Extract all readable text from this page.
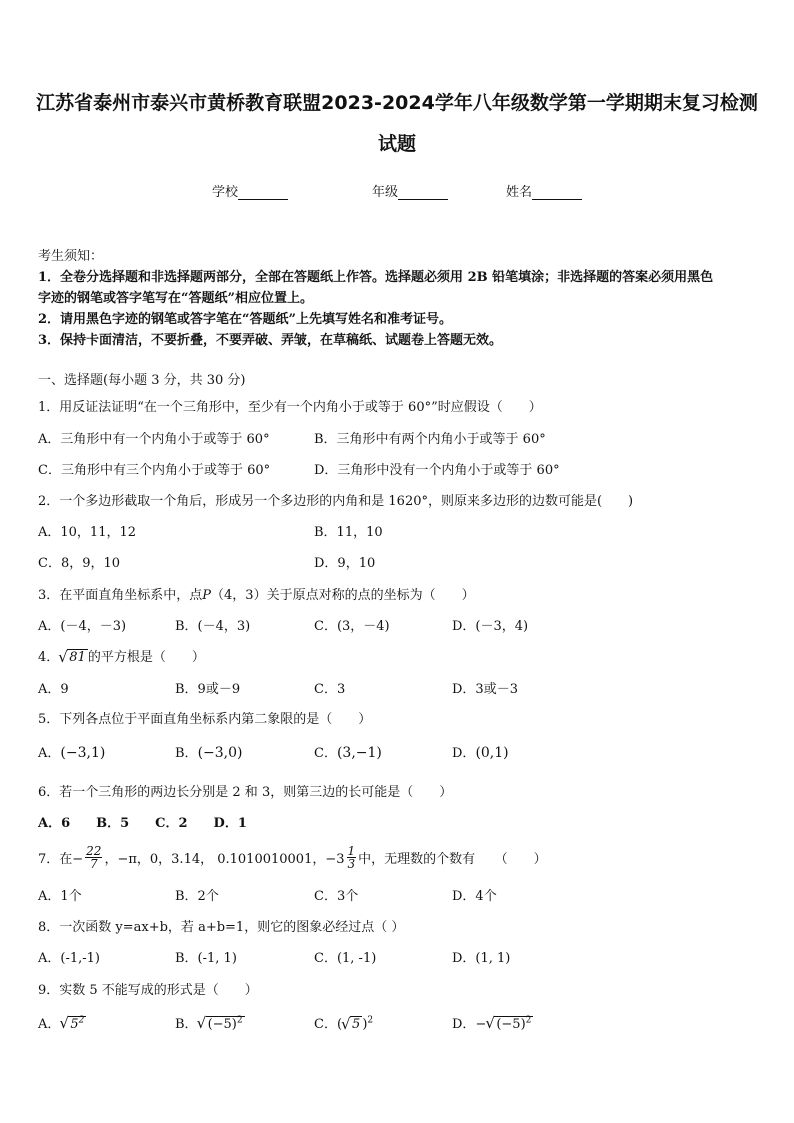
江苏省泰州市泰兴市黄桥教育联盟2023-2024学年八年级数学第一学期期末复习检测
试题
学校	年级	姓名
考生须知：
1．全卷分选择题和非选择题两部分，全部在答题纸上作答。选择题必须用 2B 铅笔填涂；非选择题的答案必须用黑色
字迹的钢笔或答字笔写在“答题纸”相应位置上。
2．请用黑色字迹的钢笔或答字笔在“答题纸”上先填写姓名和准考证号。
3．保持卡面清洁，不要折叠，不要弄破、弄皱，在草稿纸、试题卷上答题无效。
一、选择题(每小题 3 分，共 30 分)
1．用反证法证明“在一个三角形中，至少有一个内角小于或等于 60°”时应假设（　　）
A．三角形中有一个内角小于或等于 60°	B．三角形中有两个内角小于或等于 60°
C．三角形中有三个内角小于或等于 60°	D．三角形中没有一个内角小于或等于 60°
2．一个多边形截取一个角后，形成另一个多边形的内角和是 1620°，则原来多边形的边数可能是(　　)
A．10，11，12	B．11，10
C．8，9，10	D．9，10
3．在平面直角坐标系中，点P（4，3）关于原点对称的点的坐标为（　　）
A．(－4，－3)	B．(－4，3)	C．(3，－4)	D．(－3，4)
4． √ 81 的平方根是（　　）
A．9	B．9或－9	C．3	D．3或－3
5．下列各点位于平面直角坐标系内第二象限的是（　　）
A．(−3,1)	B．(−3,0)	C．(3,−1)	D．(0,1)
6．若一个三角形的两边长分别是 2 和 3，则第三边的长可能是（　　）
A．6　　B．5　　C．2　　D．1
7．在− $\frac{22}{7}$ ，−π，0，3.14， 0.1010010001，$-3 \frac{1}{3}$ 中，无理数的个数有　　（　　）
A．1个	B．2个	C．3个	D．4个
8．一次函数 y=ax+b，若 a+b=1，则它的图象必经过点（ ）
A．(-1,-1)	B．(-1, 1)	C．(1, -1)	D．(1, 1)
9．实数 5 不能写成的形式是（　　）
A． √ $5^2$	B． √ $(-5)^2$	C．( √ 5 )$^2$	D．− √ $(-5)^2$
